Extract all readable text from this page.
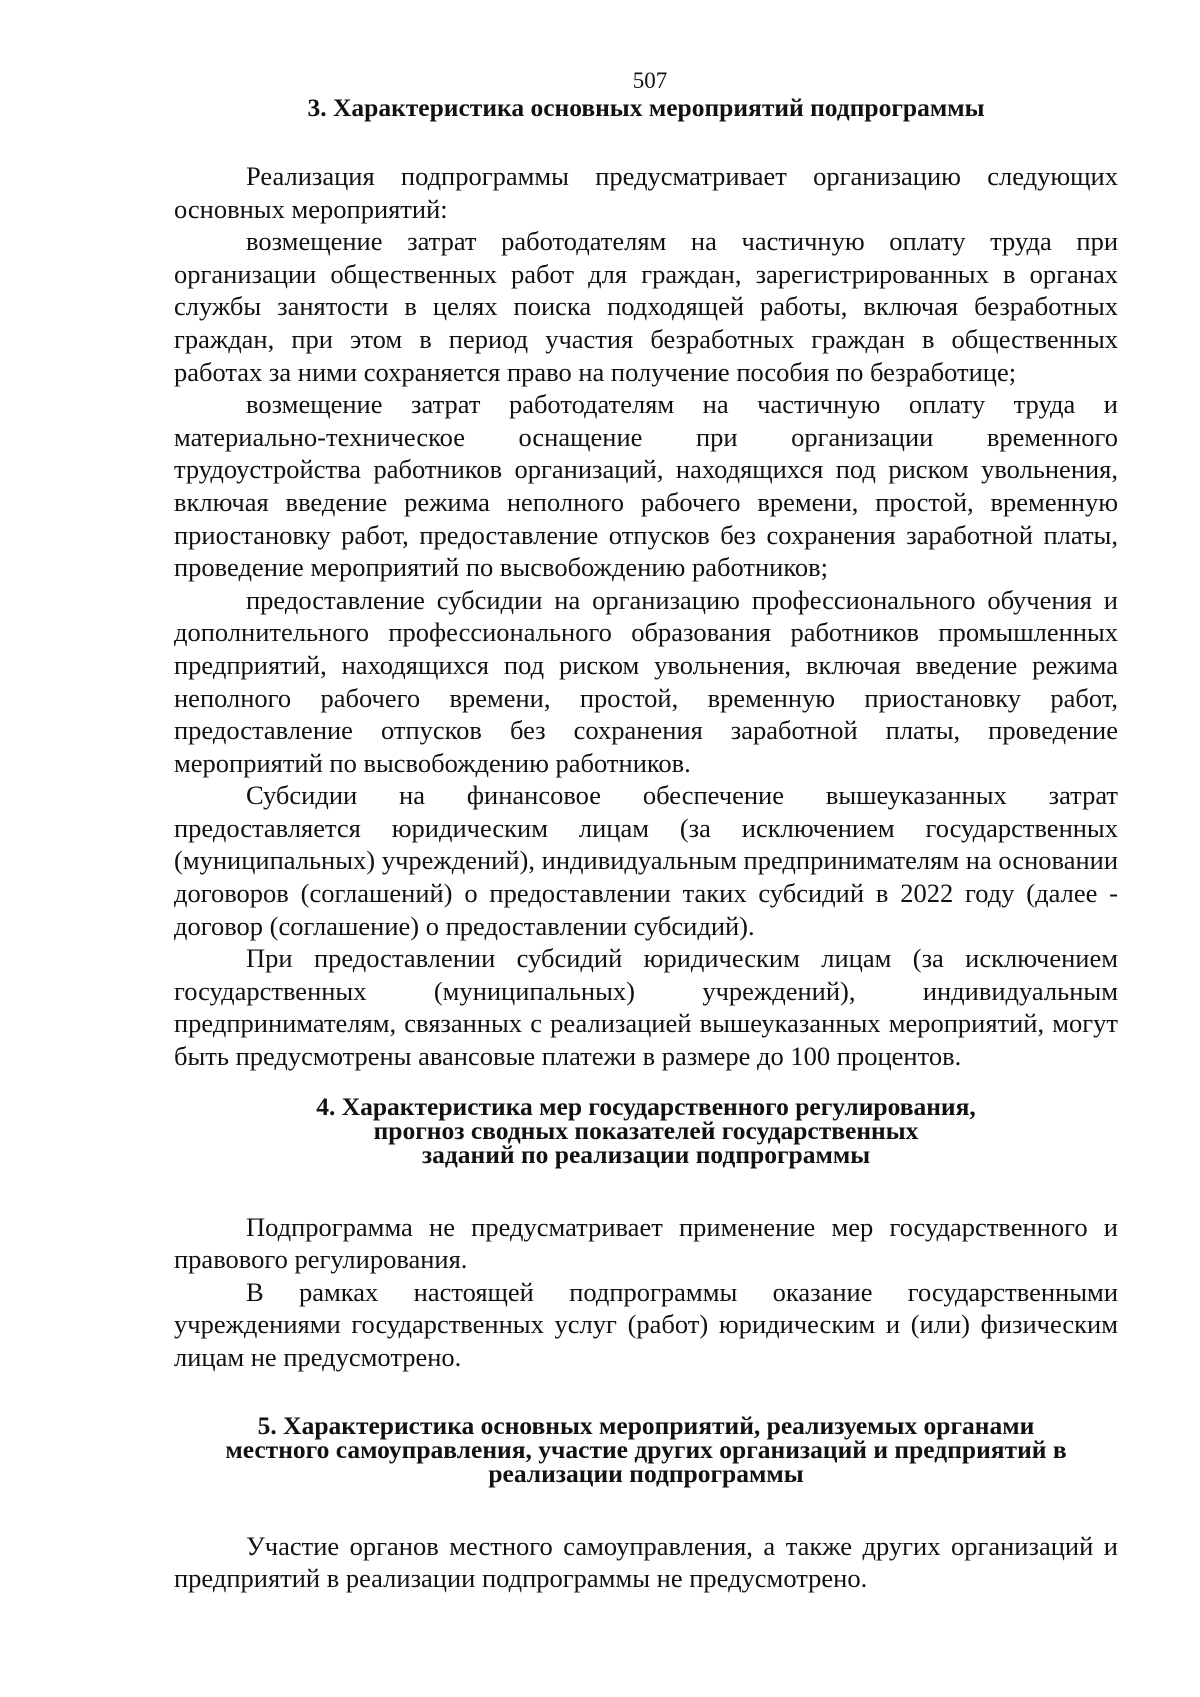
507
3. Характеристика основных мероприятий подпрограммы

Реализация подпрограммы предусматривает организацию следующих основных мероприятий:

возмещение затрат работодателям на частичную оплату труда при организации общественных работ для граждан, зарегистрированных в органах службы занятости в целях поиска подходящей работы, включая безработных граждан, при этом в период участия безработных граждан в общественных работах за ними сохраняется право на получение пособия по безработице;

возмещение затрат работодателям на частичную оплату труда и материально-техническое оснащение при организации временного трудоустройства работников организаций, находящихся под риском увольнения, включая введение режима неполного рабочего времени, простой, временную приостановку работ, предоставление отпусков без сохранения заработной платы, проведение мероприятий по высвобождению работников;

предоставление субсидии на организацию профессионального обучения и дополнительного профессионального образования работников промышленных предприятий, находящихся под риском увольнения, включая введение режима неполного рабочего времени, простой, временную приостановку работ, предоставление отпусков без сохранения заработной платы, проведение мероприятий по высвобождению работников.

Субсидии на финансовое обеспечение вышеуказанных затрат предоставляется юридическим лицам (за исключением государственных (муниципальных) учреждений), индивидуальным предпринимателям на основании договоров (соглашений) о предоставлении таких субсидий в 2022 году (далее - договор (соглашение) о предоставлении субсидий).

При предоставлении субсидий юридическим лицам (за исключением государственных (муниципальных) учреждений), индивидуальным предпринимателям, связанных с реализацией вышеуказанных мероприятий, могут быть предусмотрены авансовые платежи в размере до 100 процентов.

4. Характеристика мер государственного регулирования,
прогноз сводных показателей государственных
заданий по реализации подпрограммы

Подпрограмма не предусматривает применение мер государственного и правового регулирования.

В рамках настоящей подпрограммы оказание государственными учреждениями государственных услуг (работ) юридическим и (или) физическим лицам не предусмотрено.

5. Характеристика основных мероприятий, реализуемых органами
местного самоуправления, участие других организаций и предприятий в
реализации подпрограммы

Участие органов местного самоуправления, а также других организаций и предприятий в реализации подпрограммы не предусмотрено.
